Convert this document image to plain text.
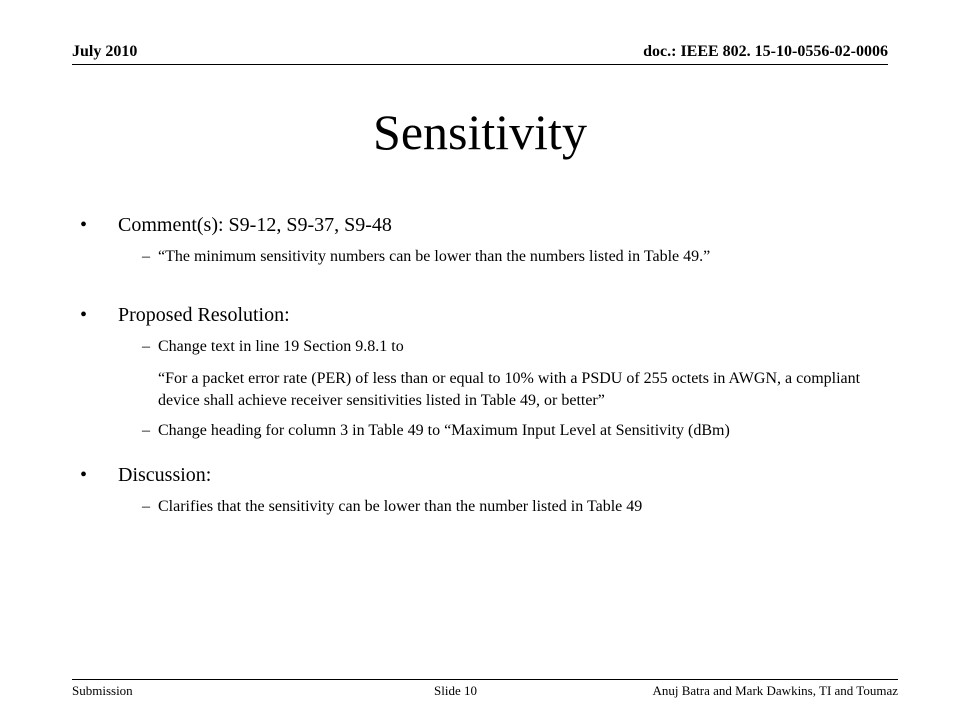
July 2010	doc.: IEEE 802. 15-10-0556-02-0006
Sensitivity
• Comment(s): S9-12, S9-37, S9-48
– “The minimum sensitivity numbers can be lower than the numbers listed in Table 49.”
• Proposed Resolution:
– Change text in line 19 Section 9.8.1 to
“For a packet error rate (PER) of less than or equal to 10% with a PSDU of 255 octets in AWGN, a compliant device shall achieve receiver sensitivities listed in Table 49, or better”
– Change heading for column 3 in Table 49 to “Maximum Input Level at Sensitivity (dBm)
• Discussion:
– Clarifies that the sensitivity can be lower than the number listed in Table 49
Submission	Slide 10	Anuj Batra and Mark Dawkins, TI and Toumaz
